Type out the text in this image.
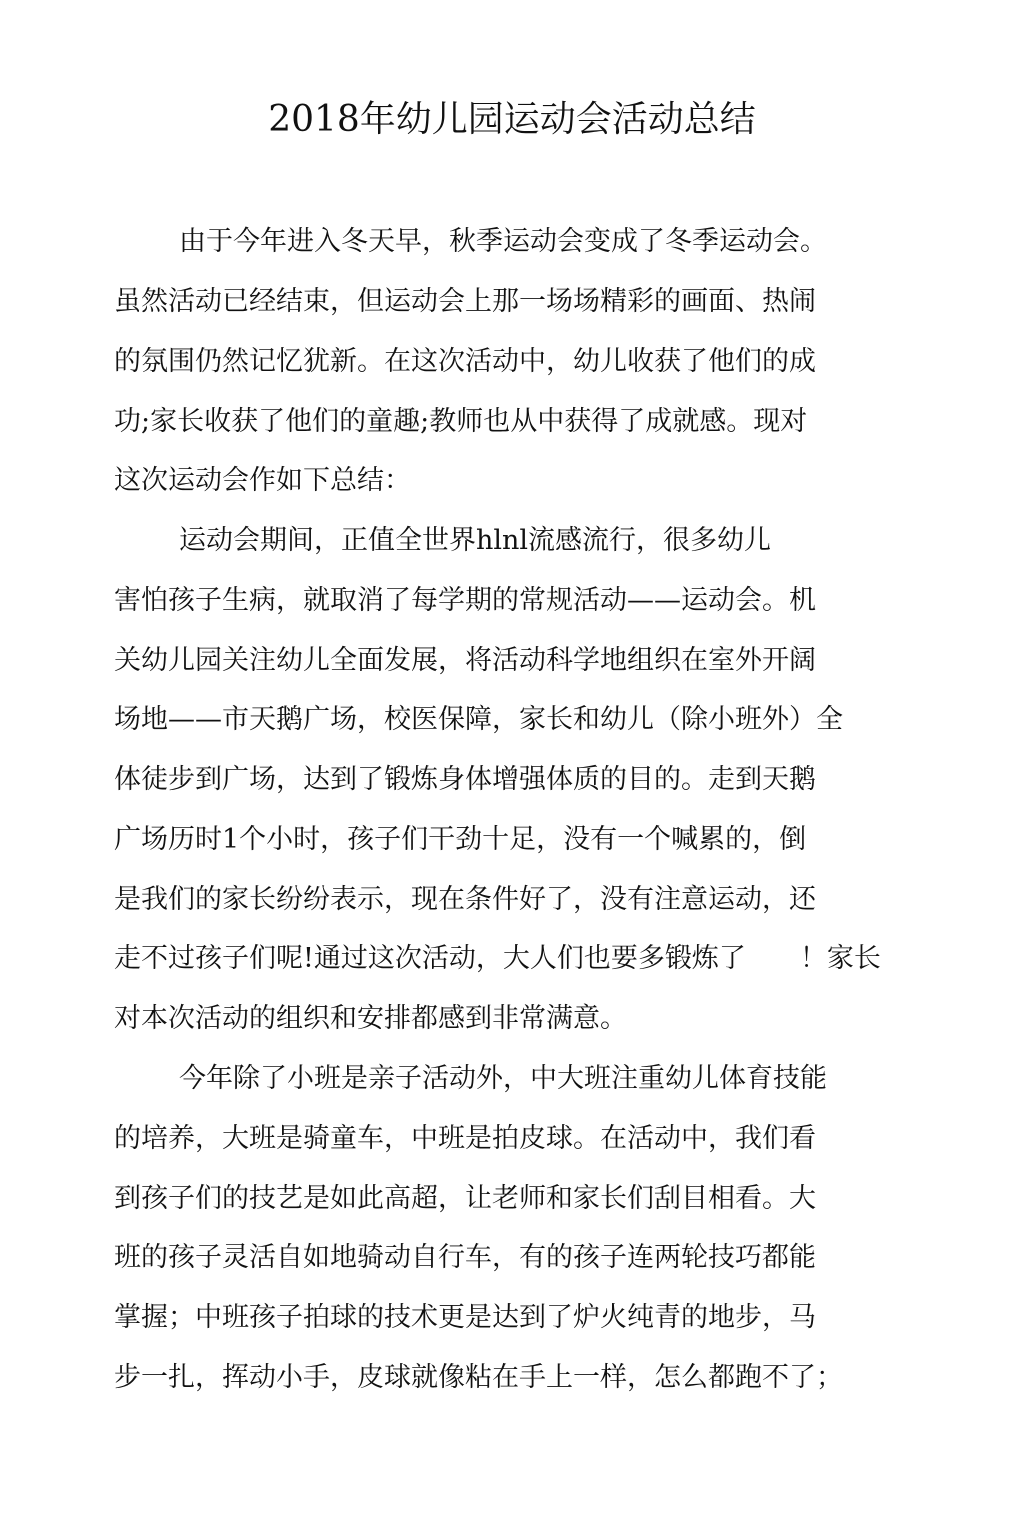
2018年幼儿园运动会活动总结
由于今年进入冬天早，秋季运动会变成了冬季运动会。
虽然活动已经结束，但运动会上那一场场精彩的画面、热闹
的氛围仍然记忆犹新。在这次活动中，幼儿收获了他们的成
功;家长收获了他们的童趣;教师也从中获得了成就感。现对
这次运动会作如下总结：
运动会期间，正值全世界hlnl流感流行，很多幼儿
害怕孩子生病，就取消了每学期的常规活动——运动会。机
关幼儿园关注幼儿全面发展，将活动科学地组织在室外开阔
场地——市天鹅广场，校医保障，家长和幼儿（除小班外）全
体徒步到广场，达到了锻炼身体增强体质的目的。走到天鹅
广场历时1个小时，孩子们干劲十足，没有一个喊累的，倒
是我们的家长纷纷表示，现在条件好了，没有注意运动，还
走不过孩子们呢!通过这次活动，大人们也要多锻炼了　　！家长
对本次活动的组织和安排都感到非常满意。
今年除了小班是亲子活动外，中大班注重幼儿体育技能
的培养，大班是骑童车，中班是拍皮球。在活动中，我们看
到孩子们的技艺是如此高超，让老师和家长们刮目相看。大
班的孩子灵活自如地骑动自行车，有的孩子连两轮技巧都能
掌握；中班孩子拍球的技术更是达到了炉火纯青的地步，马
步一扎，挥动小手，皮球就像粘在手上一样，怎么都跑不了；
